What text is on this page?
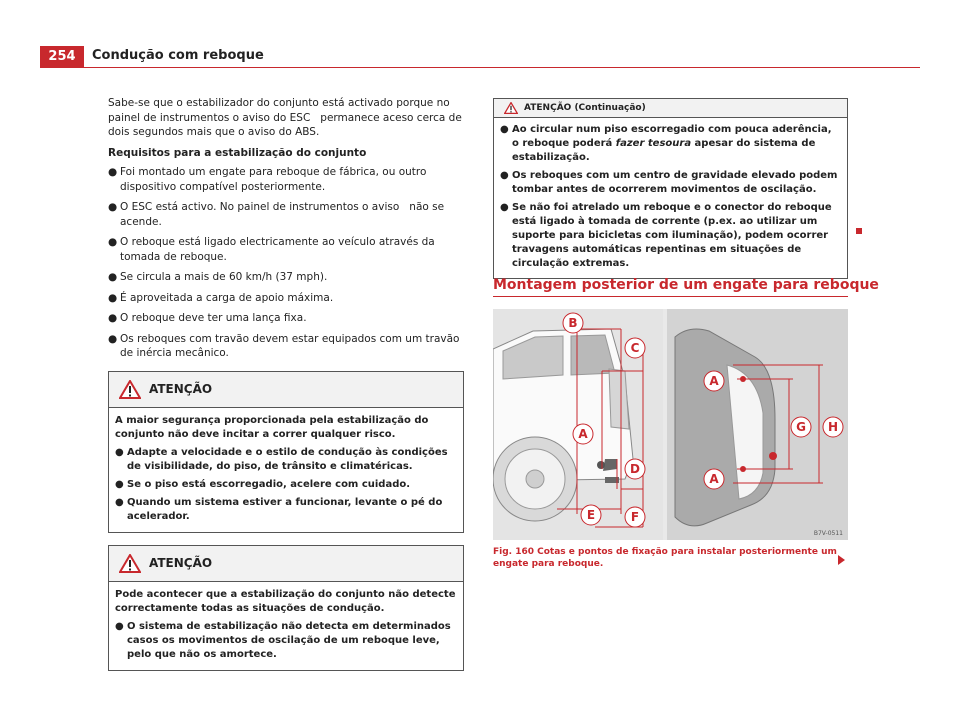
254	Condução com reboque

Sabe-se que o estabilizador do conjunto está activado porque no painel de instrumentos o aviso do ESC   permanece aceso cerca de dois segundos mais que o aviso do ABS.

Requisitos para a estabilização do conjunto
● Foi montado um engate para reboque de fábrica, ou outro dispositivo compatível posteriormente.
● O ESC está activo. No painel de instrumentos o aviso   não se acende.
● O reboque está ligado electricamente ao veículo através da tomada de reboque.
● Se circula a mais de 60 km/h (37 mph).
● É aproveitada a carga de apoio máxima.
● O reboque deve ter uma lança fixa.
● Os reboques com travão devem estar equipados com um travão de inércia mecânico.
ATENÇÃO

A maior segurança proporcionada pela estabilização do conjunto não deve incitar a correr qualquer risco.

● Adapte a velocidade e o estilo de condução às condições de visibilidade, do piso, de trânsito e climatéricas.
● Se o piso está escorregadio, acelere com cuidado.
● Quando um sistema estiver a funcionar, levante o pé do acelerador.
ATENÇÃO

Pode acontecer que a estabilização do conjunto não detecte correctamente todas as situações de condução.

● O sistema de estabilização não detecta em determinados casos os movimentos de oscilação de um reboque leve, pelo que não os amortece.
ATENÇÃO (Continuação)
● Ao circular num piso escorregadio com pouca aderência, o reboque poderá fazer tesoura apesar do sistema de estabilização.
● Os reboques com um centro de gravidade elevado podem tombar antes de ocorrerem movimentos de oscilação.
● Se não foi atrelado um reboque e o conector do reboque está ligado à tomada de corrente (p.ex. ao utilizar um suporte para bicicletas com iluminação), podem ocorrer travagens automáticas repentinas em situações de circulação extremas.
Montagem posterior de um engate para reboque
B
C
A
D
E	F
A
A
G H
B7V-0511
Fig. 160 Cotas e pontos de fixação para instalar posteriormente um engate para reboque.
